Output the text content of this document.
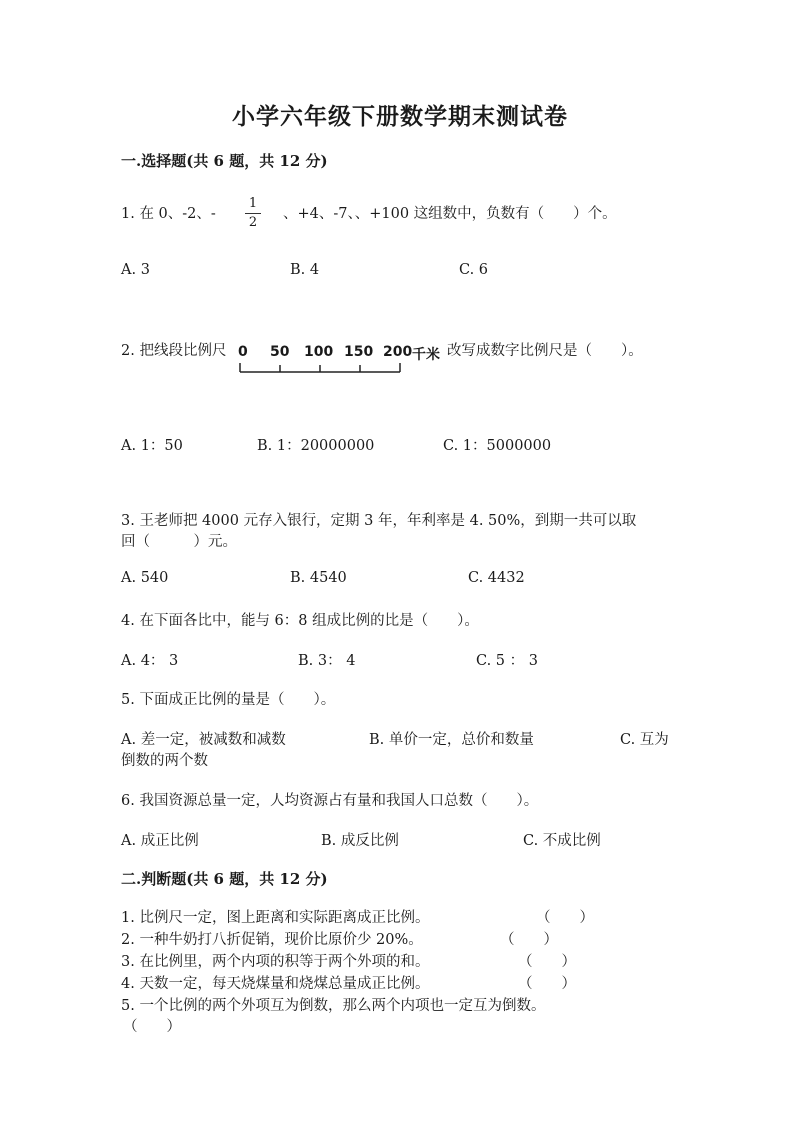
小学六年级下册数学期末测试卷
一.选择题(共 6 题，共 12 分)
1. 在 0、-2、-
1
2
、+4、-7、、+100 这组数中，负数有（　　）个。
A. 3	B. 4	C. 6
2. 把线段比例尺 0 50 100 150 200 千米 改写成数字比例尺是（　　）。
A. 1：50	B. 1：20000000	C. 1：5000000
3. 王老师把 4000 元存入银行，定期 3 年，年利率是 4. 50%，到期一共可以取
回（　　　）元。
A. 540	B. 4540	C. 4432
4. 在下面各比中，能与 6：8 组成比例的比是（　　）。
A. 4： 3	B. 3： 4	C. 5 ： 3
5. 下面成正比例的量是（　　）。
A. 差一定，被减数和减数	B. 单价一定，总价和数量	C. 互为
倒数的两个数
6. 我国资源总量一定，人均资源占有量和我国人口总数（　　）。
A. 成正比例	B. 成反比例	C. 不成比例
二.判断题(共 6 题，共 12 分)
1. 比例尺一定，图上距离和实际距离成正比例。	（　　）
2. 一种牛奶打八折促销，现价比原价少 20%。	（　　）
3. 在比例里，两个内项的积等于两个外项的和。	（　　）
4. 天数一定，每天烧煤量和烧煤总量成正比例。	（　　）
5. 一个比例的两个外项互为倒数，那么两个内项也一定互为倒数。
（　　）
